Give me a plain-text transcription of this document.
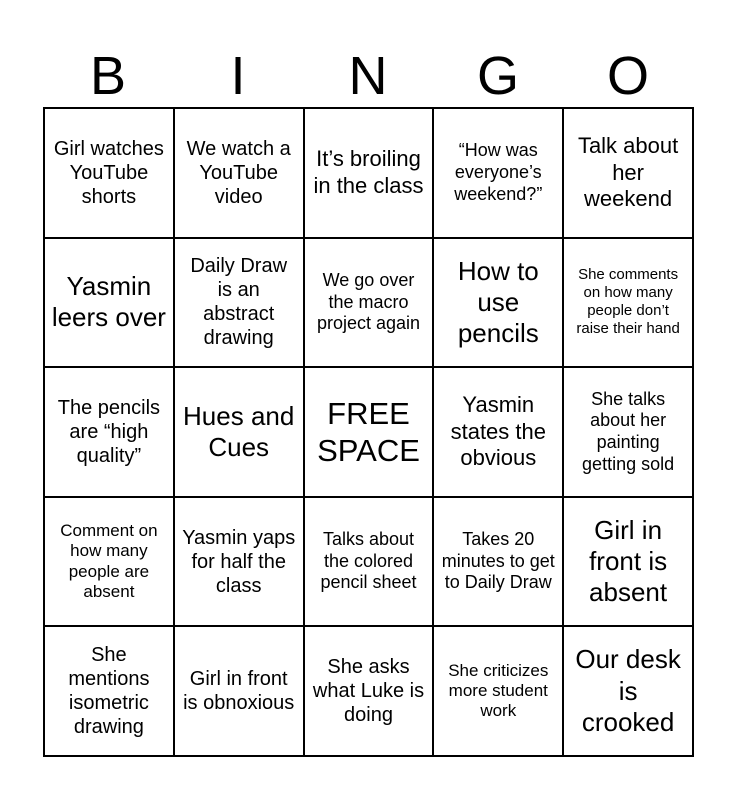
B	I	N	G	O
Girl watches YouTube shorts
We watch a YouTube video
It’s broiling in the class
“How was everyone’s weekend?”
Talk about her weekend
Yasmin leers over
Daily Draw is an abstract drawing
We go over the macro project again
How to use pencils
She comments on how many people don’t raise their hand
The pencils are “high quality”
Hues and Cues
FREE SPACE
Yasmin states the obvious
She talks about her painting getting sold
Comment on how many people are absent
Yasmin yaps for half the class
Talks about the colored pencil sheet
Takes 20 minutes to get to Daily Draw
Girl in front is absent
She mentions isometric drawing
Girl in front is obnoxious
She asks what Luke is doing
She criticizes more student work
Our desk is crooked
